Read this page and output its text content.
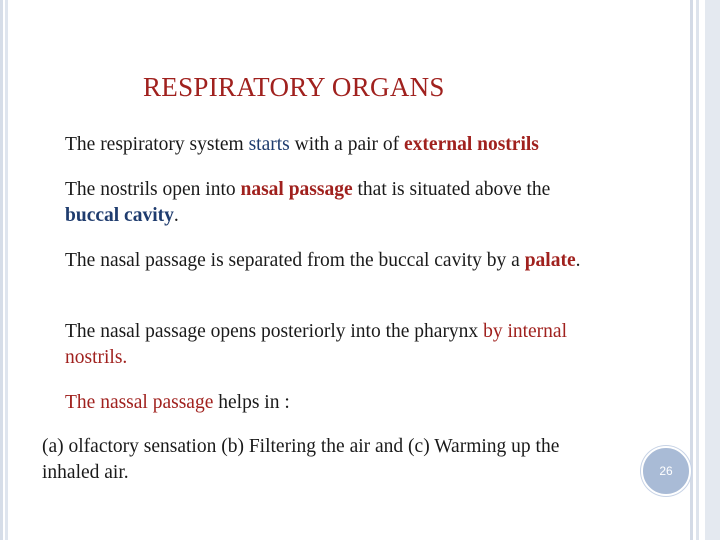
RESPIRATORY ORGANS
The respiratory system starts with a pair of external nostrils
The nostrils open into nasal passage that is situated above the buccal cavity.
The nasal passage is separated from the buccal cavity by a palate.
The nasal passage opens posteriorly into the pharynx by internal nostrils.
The nassal passage helps in :
(a) olfactory sensation (b) Filtering the air and (c) Warming up the inhaled air.	26
